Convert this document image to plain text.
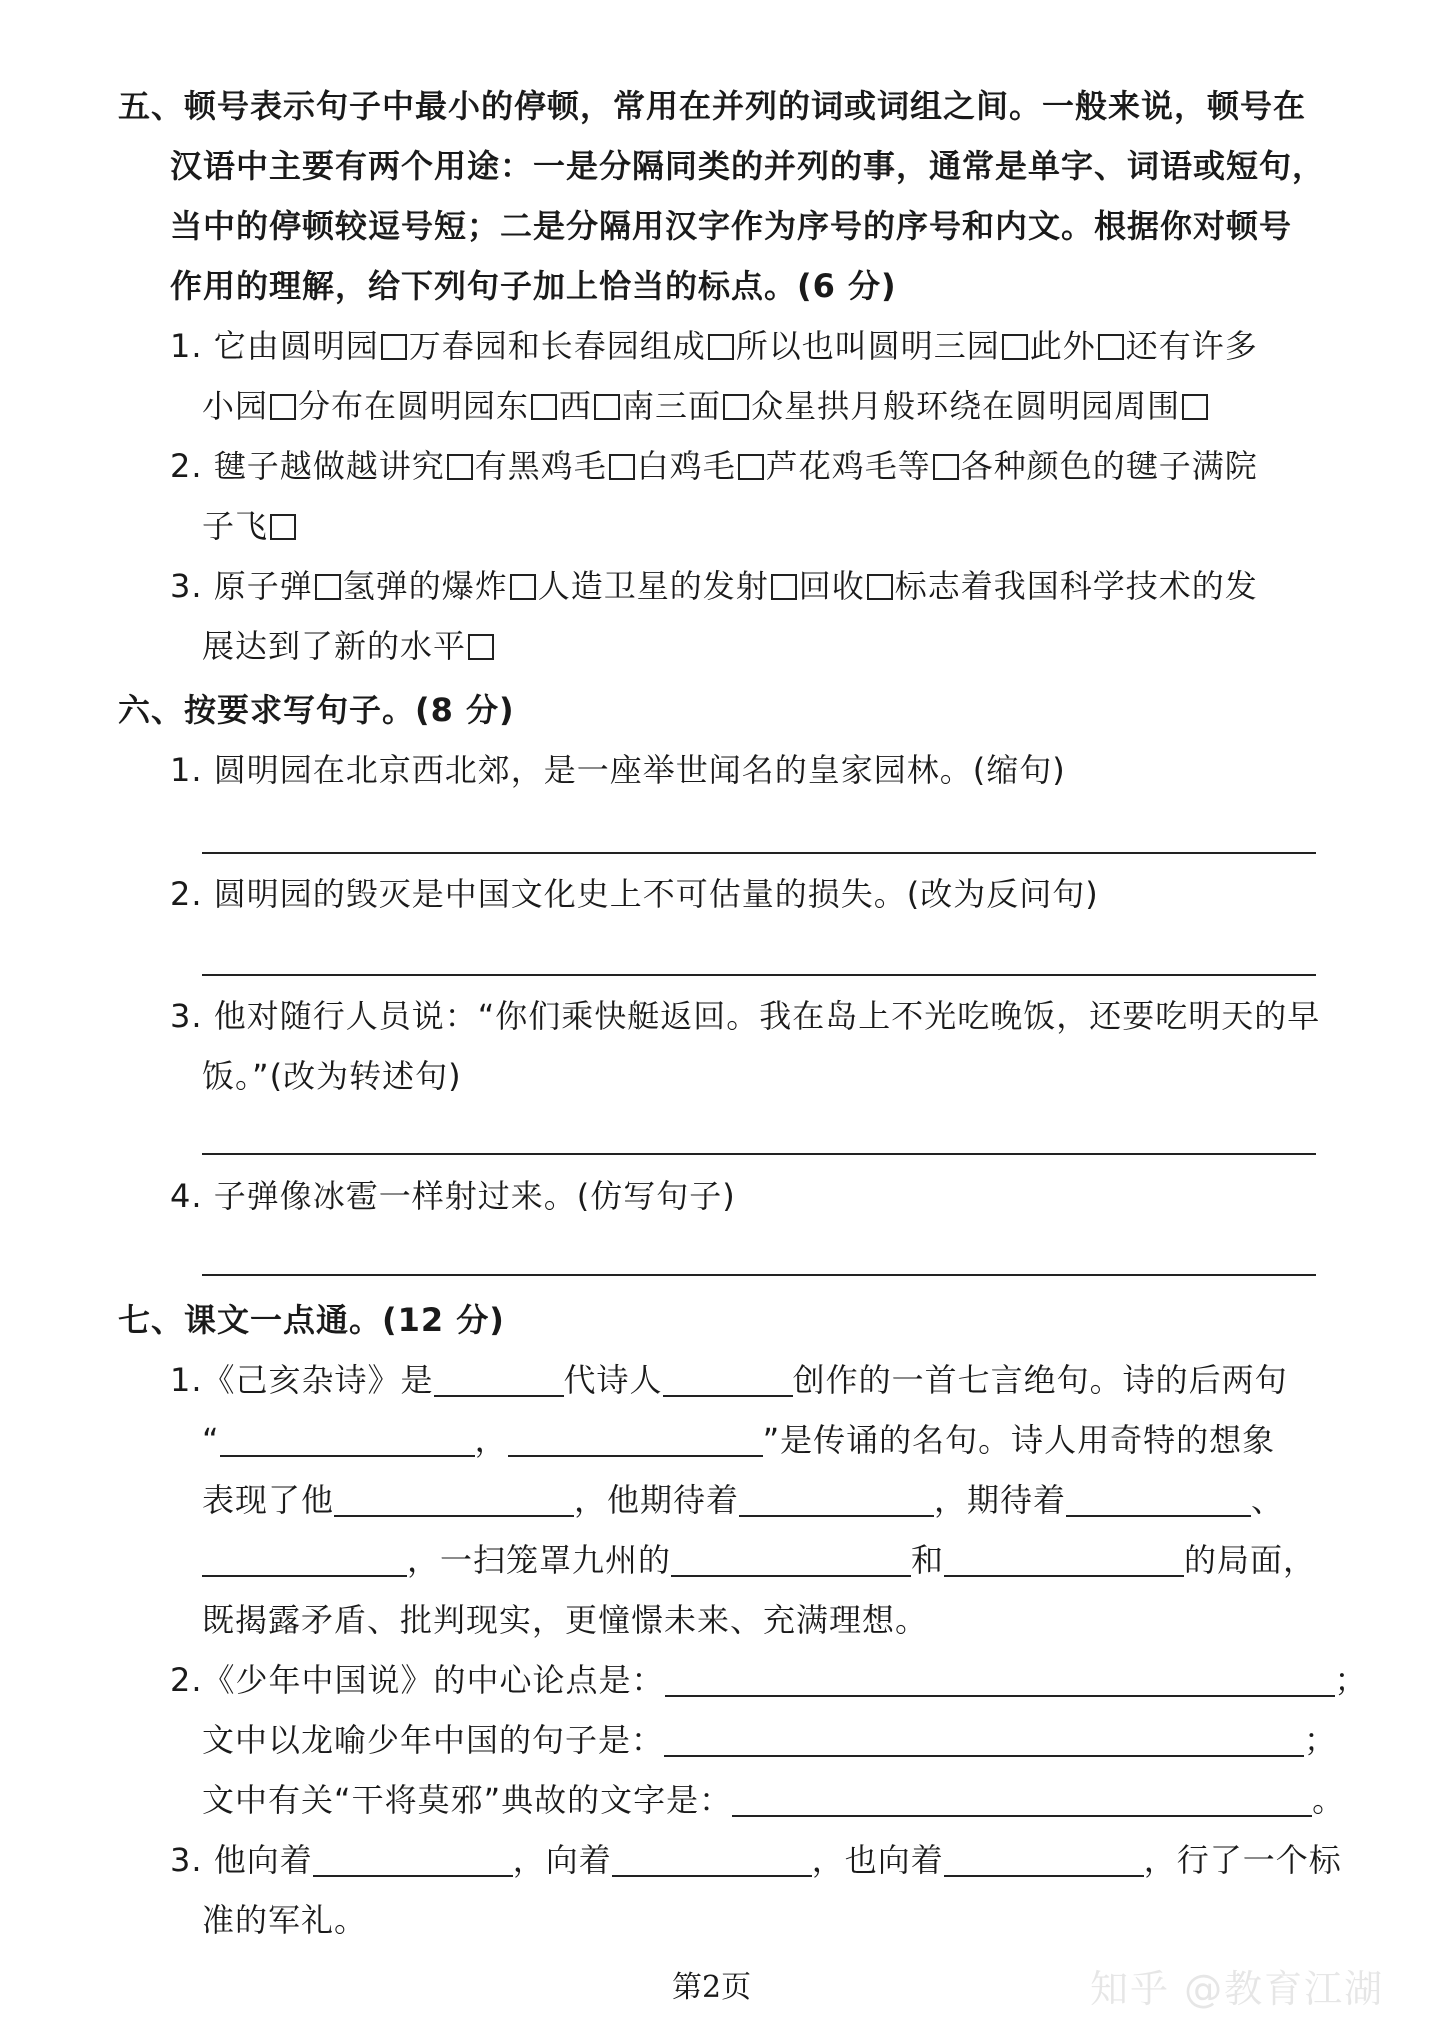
五、顿号表示句子中最小的停顿，常用在并列的词或词组之间。一般来说，顿号在
汉语中主要有两个用途：一是分隔同类的并列的事，通常是单字、词语或短句，
当中的停顿较逗号短；二是分隔用汉字作为序号的序号和内文。根据你对顿号
作用的理解，给下列句子加上恰当的标点。(6 分)
1. 它由圆明园 万春园和长春园组成 所以也叫圆明三园 此外 还有许多
小园 分布在圆明园东 西 南三面 众星拱月般环绕在圆明园周围
2. 毽子越做越讲究 有黑鸡毛 白鸡毛 芦花鸡毛等 各种颜色的毽子满院
子飞
3. 原子弹 氢弹的爆炸 人造卫星的发射 回收 标志着我国科学技术的发
展达到了新的水平
六、按要求写句子。(8 分)
1. 圆明园在北京西北郊，是一座举世闻名的皇家园林。(缩句)
2. 圆明园的毁灭是中国文化史上不可估量的损失。(改为反问句)
3. 他对随行人员说：“你们乘快艇返回。我在岛上不光吃晚饭，还要吃明天的早
饭。”(改为转述句)
4. 子弹像冰雹一样射过来。(仿写句子)
七、课文一点通。(12 分)
1.《己亥杂诗》是	代诗人	创作的一首七言绝句。诗的后两句
“	，	”是传诵的名句。诗人用奇特的想象
表现了他	，他期待着	，期待着	、
，一扫笼罩九州的	和	的局面，
既揭露矛盾、批判现实，更憧憬未来、充满理想。
2.《少年中国说》的中心论点是：	；
文中以龙喻少年中国的句子是：	；
文中有关“干将莫邪”典故的文字是：	。
3. 他向着	，向着	，也向着	，行了一个标
准的军礼。
第2页	知乎 @教育江湖
